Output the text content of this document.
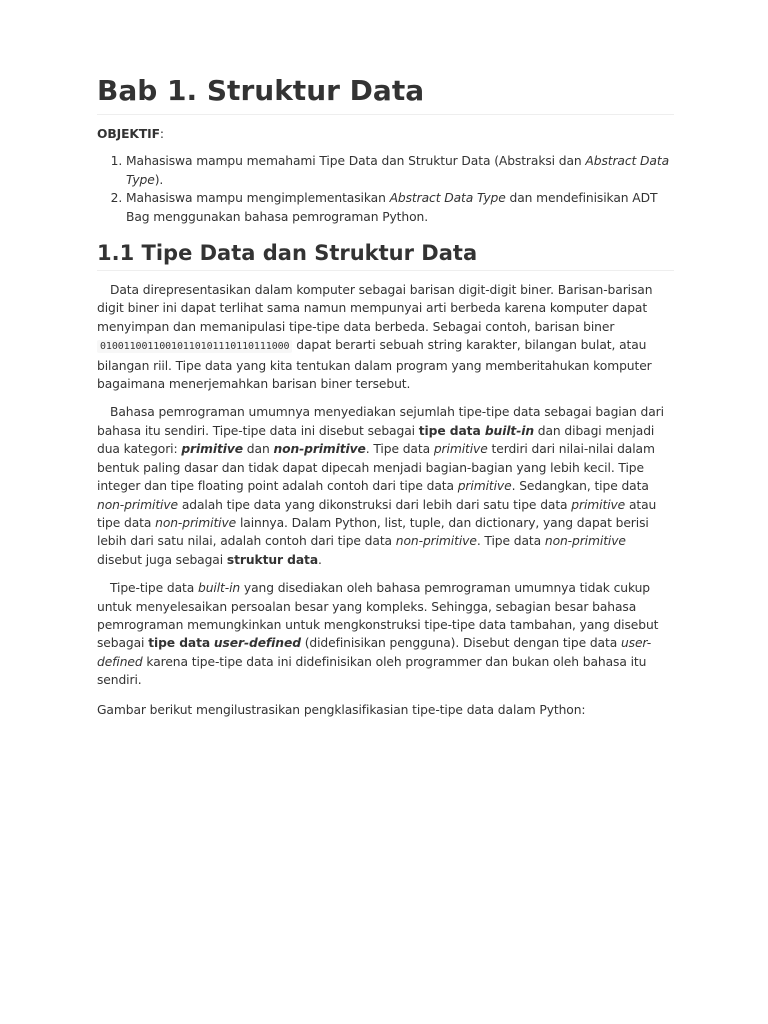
Bab 1. Struktur Data

OBJEKTIF:

1. Mahasiswa mampu memahami Tipe Data dan Struktur Data (Abstraksi dan Abstract Data Type).
2. Mahasiswa mampu mengimplementasikan Abstract Data Type dan mendefinisikan ADT Bag menggunakan bahasa pemrograman Python.
1.1 Tipe Data dan Struktur Data

Data direpresentasikan dalam komputer sebagai barisan digit-digit biner. Barisan-barisan digit biner ini dapat terlihat sama namun mempunyai arti berbeda karena komputer dapat menyimpan dan memanipulasi tipe-tipe data berbeda. Sebagai contoh, barisan biner 01001100110010110101110110111000 dapat berarti sebuah string karakter, bilangan bulat, atau bilangan riil. Tipe data yang kita tentukan dalam program yang memberitahukan komputer bagaimana menerjemahkan barisan biner tersebut.

Bahasa pemrograman umumnya menyediakan sejumlah tipe-tipe data sebagai bagian dari bahasa itu sendiri. Tipe-tipe data ini disebut sebagai tipe data built-in dan dibagi menjadi dua kategori: primitive dan non-primitive. Tipe data primitive terdiri dari nilai-nilai dalam bentuk paling dasar dan tidak dapat dipecah menjadi bagian-bagian yang lebih kecil. Tipe integer dan tipe floating point adalah contoh dari tipe data primitive. Sedangkan, tipe data non-primitive adalah tipe data yang dikonstruksi dari lebih dari satu tipe data primitive atau tipe data non-primitive lainnya. Dalam Python, list, tuple, dan dictionary, yang dapat berisi lebih dari satu nilai, adalah contoh dari tipe data non-primitive. Tipe data non-primitive disebut juga sebagai struktur data.

Tipe-tipe data built-in yang disediakan oleh bahasa pemrograman umumnya tidak cukup untuk menyelesaikan persoalan besar yang kompleks. Sehingga, sebagian besar bahasa pemrograman memungkinkan untuk mengkonstruksi tipe-tipe data tambahan, yang disebut sebagai tipe data user-defined (didefinisikan pengguna). Disebut dengan tipe data user-defined karena tipe-tipe data ini didefinisikan oleh programmer dan bukan oleh bahasa itu sendiri.

Gambar berikut mengilustrasikan pengklasifikasian tipe-tipe data dalam Python:
